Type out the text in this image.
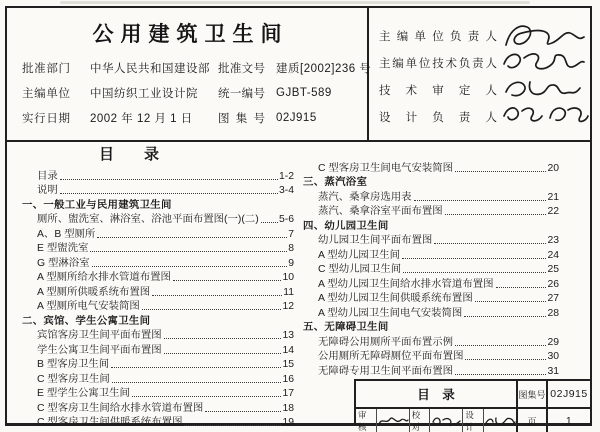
公用建筑卫生间
批准部门	中华人民共和国建设部 批准文号 建质[2002]236 号
主编单位	中国纺织工业设计院	统一编号 GJBT-589
实行日期	2002 年 12 月 1 日	图集号 02J915
主编单位负责人
主编单位技术负责人
技术审定人
设计负责人
目　　录
目录	1-2
说明	3-4
一、一般工业与民用建筑卫生间
厕所、盥洗室、淋浴室、浴池平面布置图(一)(二) 5-6
A、B 型厕所	7
E 型盥洗室	8
G 型淋浴室	9
A 型厕所给水排水管道布置图	10
A 型厕所供暖系统布置图	11
A 型厕所电气安装简图	12
二、宾馆、学生公寓卫生间
宾馆客房卫生间平面布置图	13
学生公寓卫生间平面布置图	14
B 型客房卫生间	15
C 型客房卫生间	16
E 型学生公寓卫生间	17
C 型客房卫生间给水排水管道布置图	18
C 型客房卫生间供暖系统布置图	19
C 型客房卫生间电气安装简图	20
三、蒸汽浴室
蒸汽、桑拿房选用表	21
蒸汽、桑拿浴室平面布置图	22
四、幼儿园卫生间
幼儿园卫生间平面布置图	23
A 型幼儿园卫生间	24
C 型幼儿园卫生间	25
A 型幼儿园卫生间给水排水管道布置图	26
A 型幼儿园卫生间供暖系统布置图	27
A 型幼儿园卫生间电气安装简图	28
五、无障碍卫生间
无障碍公用厕所平面布置示例	29
公用厕所无障碍厕位平面布置图	30
无障碍专用卫生间平面布置图	31
目　录	图集号 02J915
审核
校对
设计
页	1
